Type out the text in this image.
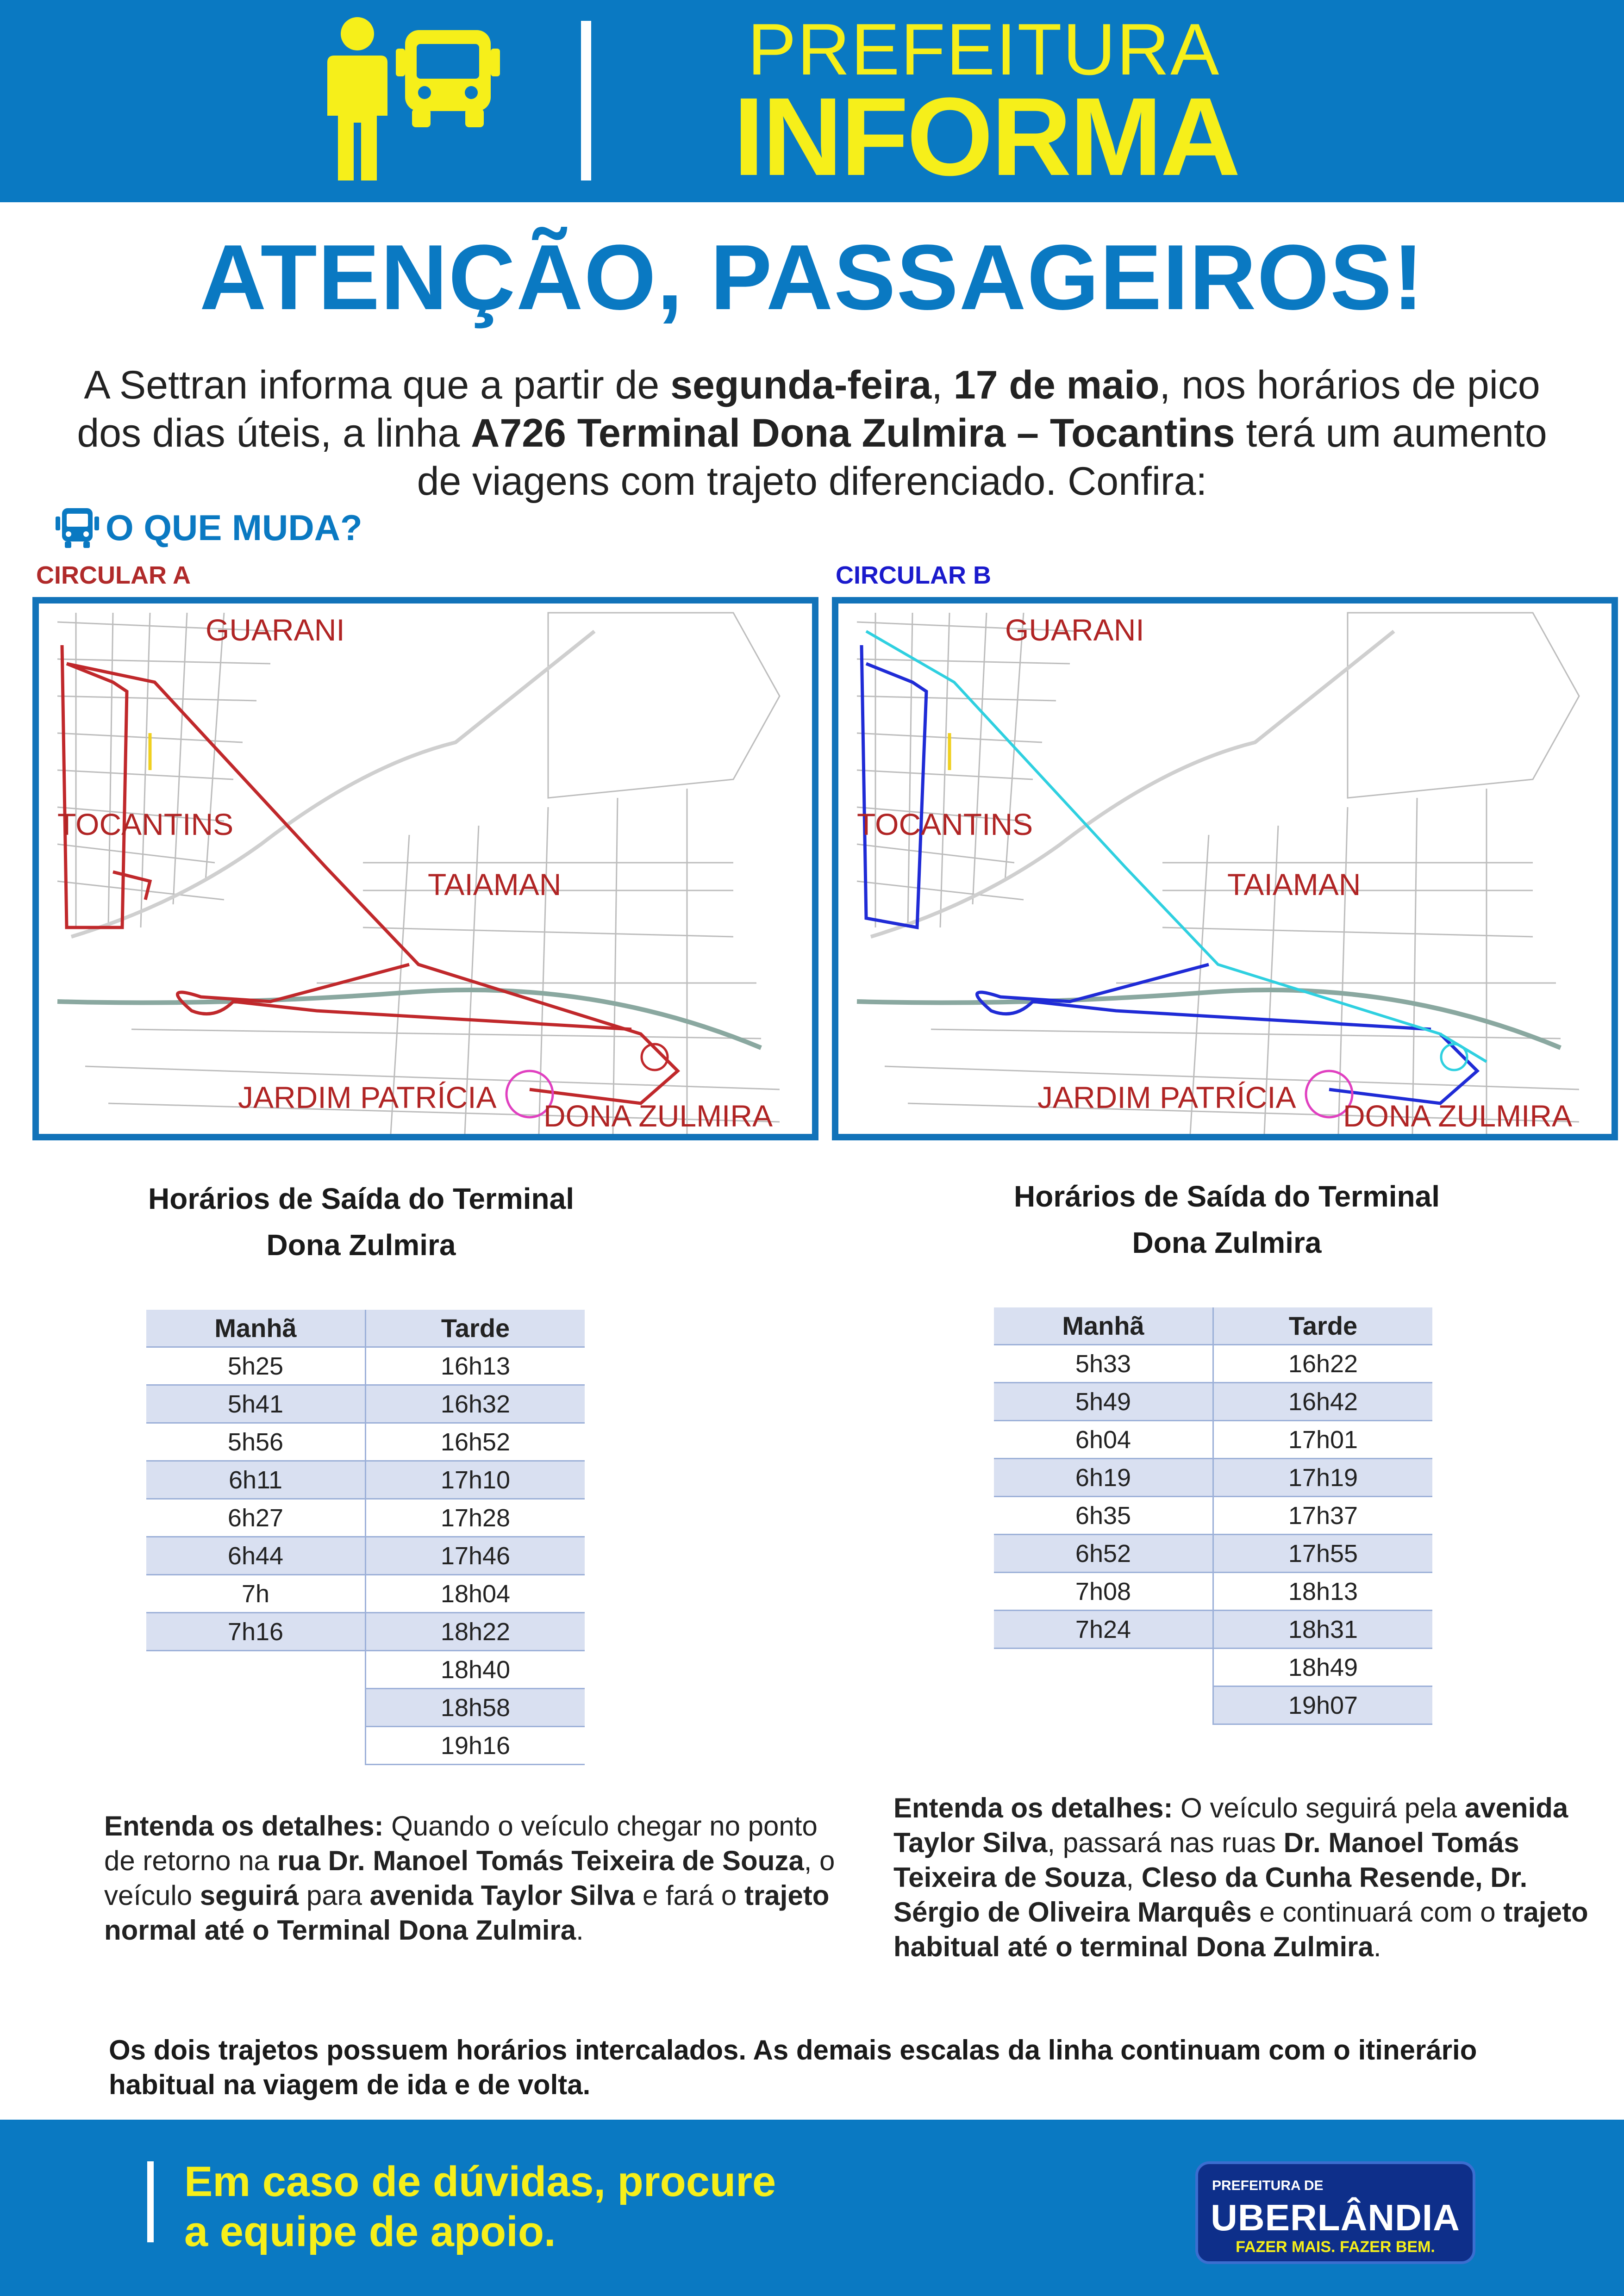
PREFEITURA
INFORMA
ATENÇÃO, PASSAGEIROS!
A Settran informa que a partir de segunda-feira, 17 de maio, nos horários de pico dos dias úteis, a linha A726 Terminal Dona Zulmira – Tocantins terá um aumento de viagens com trajeto diferenciado. Confira:
O QUE MUDA?
CIRCULAR A	CIRCULAR B
GUARANI
TOCANTINS
TAIAMAN
JARDIM PATRÍCIA
DONA ZULMIRA
GUARANI
TOCANTINS
TAIAMAN
JARDIM PATRÍCIA
DONA ZULMIRA
Horários de Saída do Terminal Dona Zulmira
Horários de Saída do Terminal Dona Zulmira
Manhã	Tarde
5h25	16h13
5h41	16h32
5h56	16h52
6h11	17h10
6h27	17h28
6h44	17h46
7h	18h04
7h16	18h22
	18h40
	18h58
	19h16
Manhã	Tarde
5h33	16h22
5h49	16h42
6h04	17h01
6h19	17h19
6h35	17h37
6h52	17h55
7h08	18h13
7h24	18h31
	18h49
	19h07
Entenda os detalhes: Quando o veículo chegar no ponto de retorno na rua Dr. Manoel Tomás Teixeira de Souza, o veículo seguirá para avenida Taylor Silva e fará o trajeto normal até o Terminal Dona Zulmira.
Entenda os detalhes: O veículo seguirá pela avenida Taylor Silva, passará nas ruas Dr. Manoel Tomás Teixeira de Souza, Cleso da Cunha Resende, Dr. Sérgio de Oliveira Marquês e continuará com o trajeto habitual até o terminal Dona Zulmira.
Os dois trajetos possuem horários intercalados. As demais escalas da linha continuam com o itinerário habitual na viagem de ida e de volta.
Em caso de dúvidas, procure
a equipe de apoio.
PREFEITURA DE
UBERLÂNDIA
FAZER MAIS. FAZER BEM.
